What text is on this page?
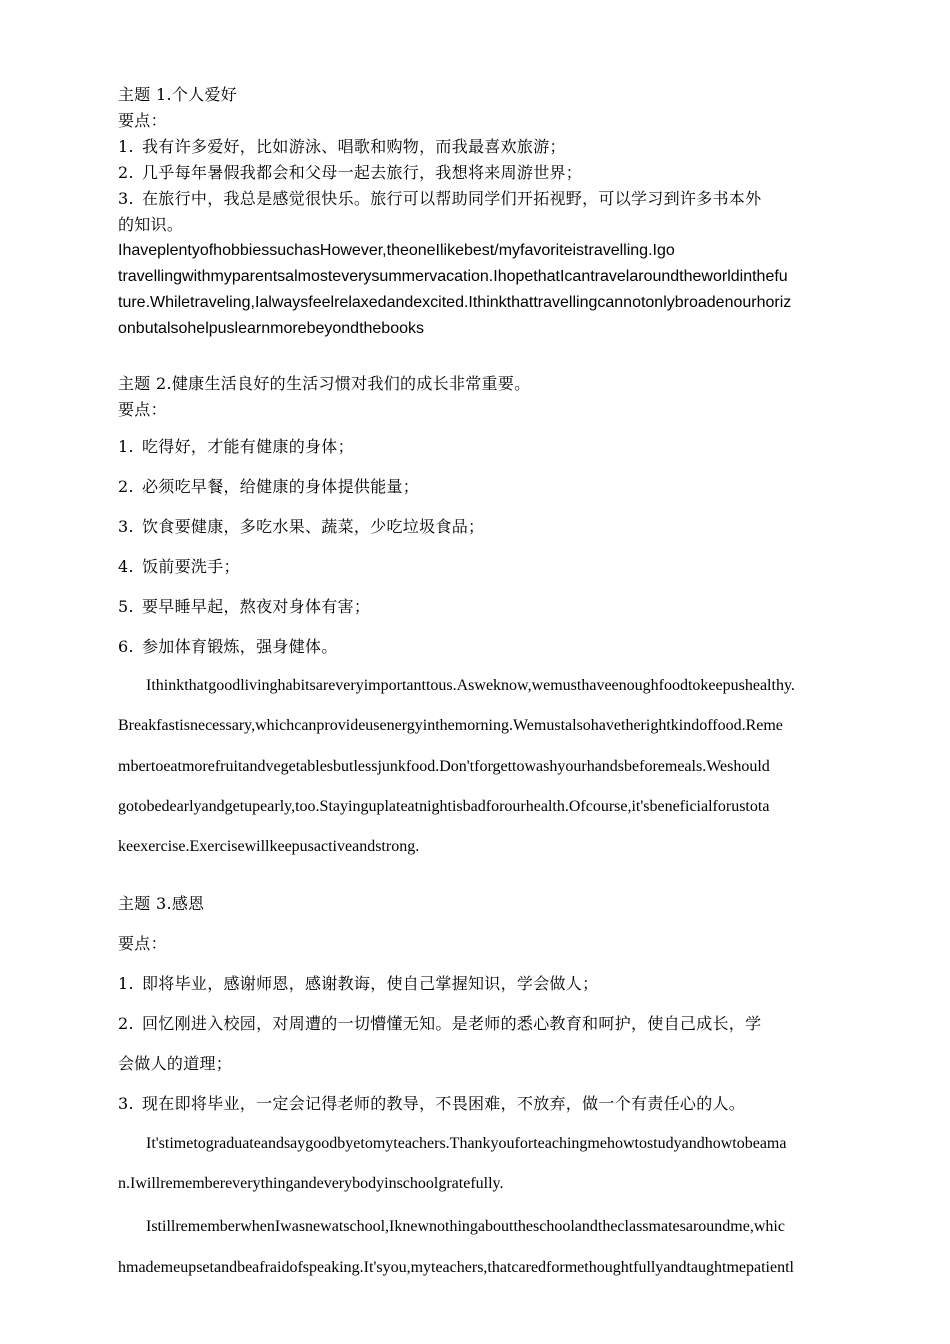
主题 1.个人爱好
要点：
1. 我有许多爱好，比如游泳、唱歌和购物，而我最喜欢旅游；
2. 几乎每年暑假我都会和父母一起去旅行，我想将来周游世界；
3. 在旅行中，我总是感觉很快乐。旅行可以帮助同学们开拓视野，可以学习到许多书本外
的知识。
IhaveplentyofhobbiessuchasHowever,theoneIlikebest/myfavoriteistravelling.Igo
travellingwithmyparentsalmosteverysummervacation.IhopethatIcantravelaroundtheworldinthefu
ture.Whiletraveling,Ialwaysfeelrelaxedandexcited.Ithinkthattravellingcannotonlybroadenourhoriz
onbutalsohelpuslearnmorebeyondthebooks
主题 2.健康生活良好的生活习惯对我们的成长非常重要。
要点：
1. 吃得好，才能有健康的身体；
2. 必须吃早餐，给健康的身体提供能量；
3. 饮食要健康，多吃水果、蔬菜，少吃垃圾食品；
4. 饭前要洗手；
5. 要早睡早起，熬夜对身体有害；
6. 参加体育锻炼，强身健体。
Ithinkthatgoodlivinghabitsareveryimportanttous.Asweknow,wemusthaveenoughfoodtokeepushealthy.
Breakfastisnecessary,whichcanprovideusenergyinthemorning.Wemustalsohavetherightkindoffood.Reme
mbertoeatmorefruitandvegetablesbutlessjunkfood.Don'tforgettowashyourhandsbeforemeals.Weshould
gotobedearlyandgetupearly,too.Stayinguplateatnightisbadforourhealth.Ofcourse,it'sbeneficialforustota
keexercise.Exercisewillkeepusactiveandstrong.
主题 3.感恩
要点：
1. 即将毕业，感谢师恩，感谢教诲，使自己掌握知识，学会做人；
2. 回忆刚进入校园，对周遭的一切懵懂无知。是老师的悉心教育和呵护，使自己成长，学
会做人的道理；
3. 现在即将毕业，一定会记得老师的教导，不畏困难，不放弃，做一个有责任心的人。
It'stimetograduateandsaygoodbyetomyteachers.Thankyouforteachingmehowtostudyandhowtobeama
n.Iwillremembereverythingandeverybodyinschoolgratefully.
IstillrememberwhenIwasnewatschool,Iknewnothingabouttheschoolandtheclassmatesaroundme,whic
hmademeupsetandbeafraidofspeaking.It'syou,myteachers,thatcaredformethoughtfullyandtaughtmepatientl
